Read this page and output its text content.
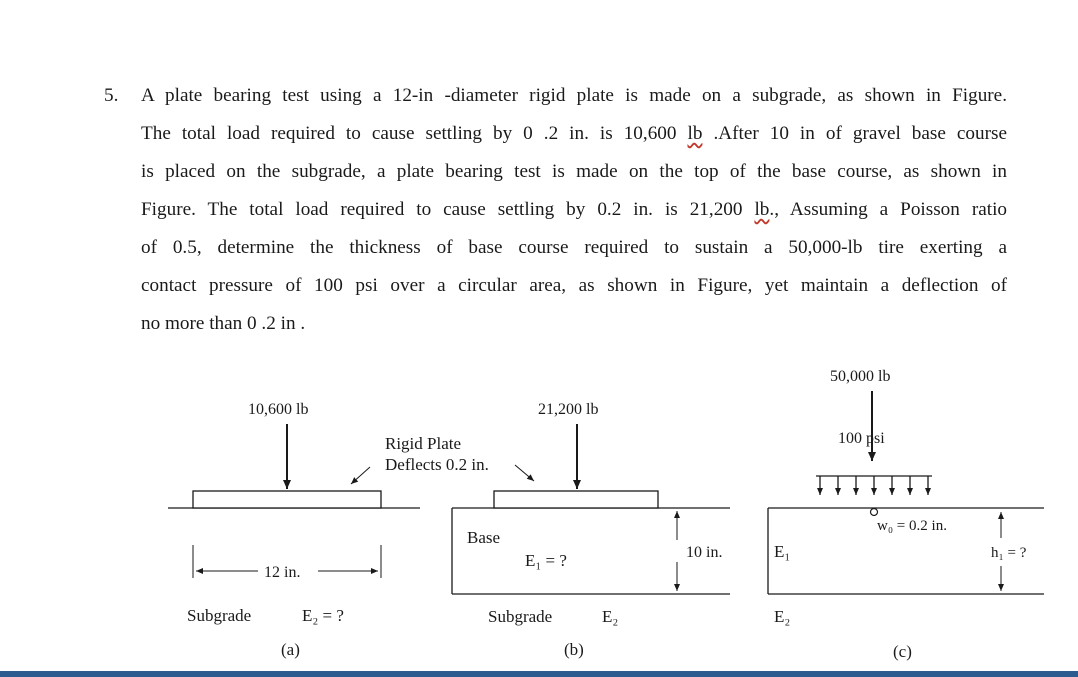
5. A plate bearing test using a 12-in -diameter rigid plate is made on a subgrade, as shown in Figure.
The total load required to cause settling by 0 .2 in. is 10,600 lb .After 10 in of gravel base course
is placed on the subgrade, a plate bearing test is made on the top of the base course, as shown in
Figure. The total load required to cause settling by 0.2 in. is 21,200 lb., Assuming a Poisson ratio
of 0.5, determine the thickness of base course required to sustain a 50,000-lb tire exerting a
contact pressure of 100 psi over a circular area, as shown in Figure, yet maintain a deflection of
no more than 0 .2 in .
10,600 lb
12 in.
Subgrade	E₂ = ?
(a)
Rigid Plate
Deflects 0.2 in.
21,200 lb
Base
E₁ = ?	10 in.
Subgrade	E₂
(b)
50,000 lb
100 psi
w₀ = 0.2 in.
h₁ = ?
E₁
E₂
(c)
